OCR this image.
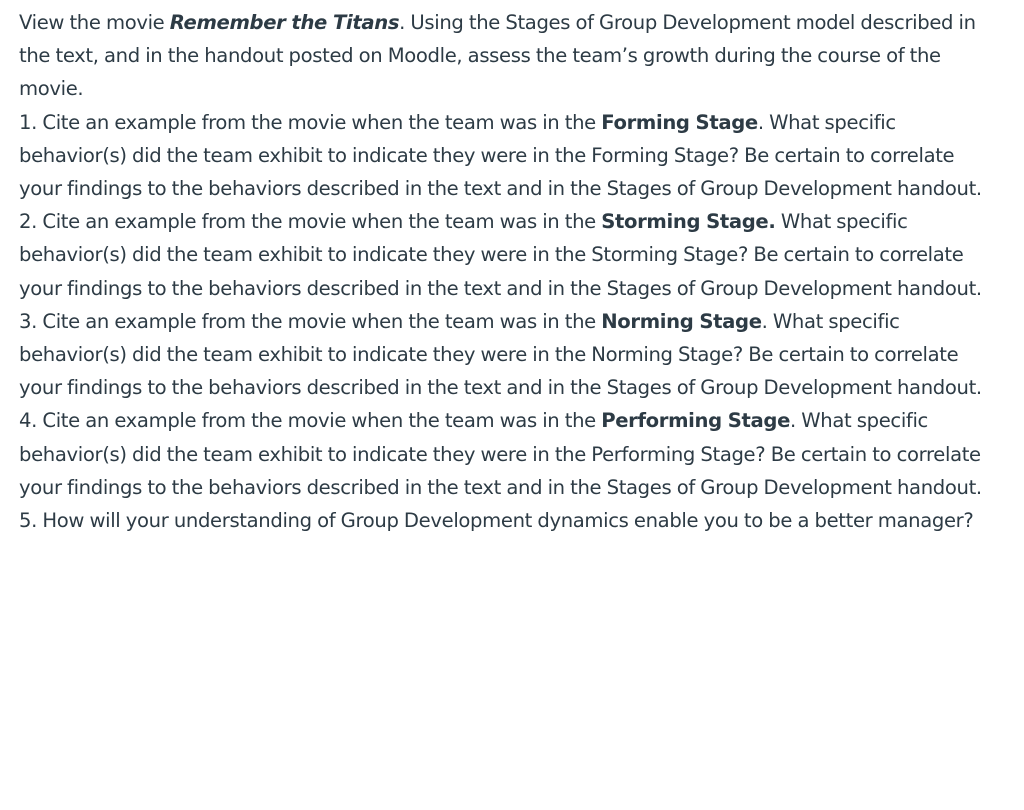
View the movie Remember the Titans. Using the Stages of Group Development model described in the text, and in the handout posted on Moodle, assess the team’s growth during the course of the movie.

1. Cite an example from the movie when the team was in the Forming Stage. What specific behavior(s) did the team exhibit to indicate they were in the Forming Stage? Be certain to correlate your findings to the behaviors described in the text and in the Stages of Group Development handout.

2. Cite an example from the movie when the team was in the Storming Stage. What specific behavior(s) did the team exhibit to indicate they were in the Storming Stage? Be certain to correlate your findings to the behaviors described in the text and in the Stages of Group Development handout.

3. Cite an example from the movie when the team was in the Norming Stage. What specific behavior(s) did the team exhibit to indicate they were in the Norming Stage? Be certain to correlate your findings to the behaviors described in the text and in the Stages of Group Development handout.

4. Cite an example from the movie when the team was in the Performing Stage. What specific behavior(s) did the team exhibit to indicate they were in the Performing Stage? Be certain to correlate your findings to the behaviors described in the text and in the Stages of Group Development handout.

5. How will your understanding of Group Development dynamics enable you to be a better manager?
